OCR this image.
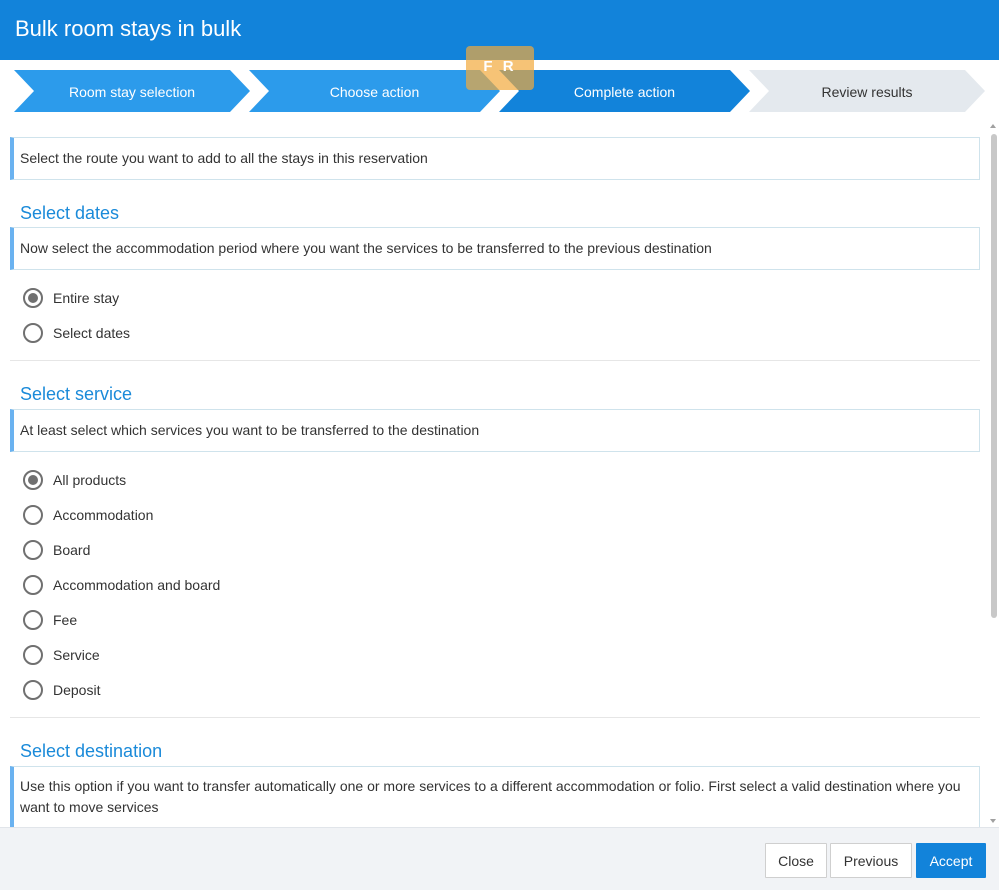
Bulk room stays in bulk
Room stay selection	Choose action	Complete action	Review results
F R
Select the route you want to add to all the stays in this reservation
Select dates
Now select the accommodation period where you want the services to be transferred to the previous destination
Entire stay
Select dates
Select service
At least select which services you want to be transferred to the destination
All products
Accommodation
Board
Accommodation and board
Fee
Service
Deposit
Select destination
Use this option if you want to transfer automatically one or more services to a different accommodation or folio. First select a valid destination where you want to move services
Close	Previous	Accept
